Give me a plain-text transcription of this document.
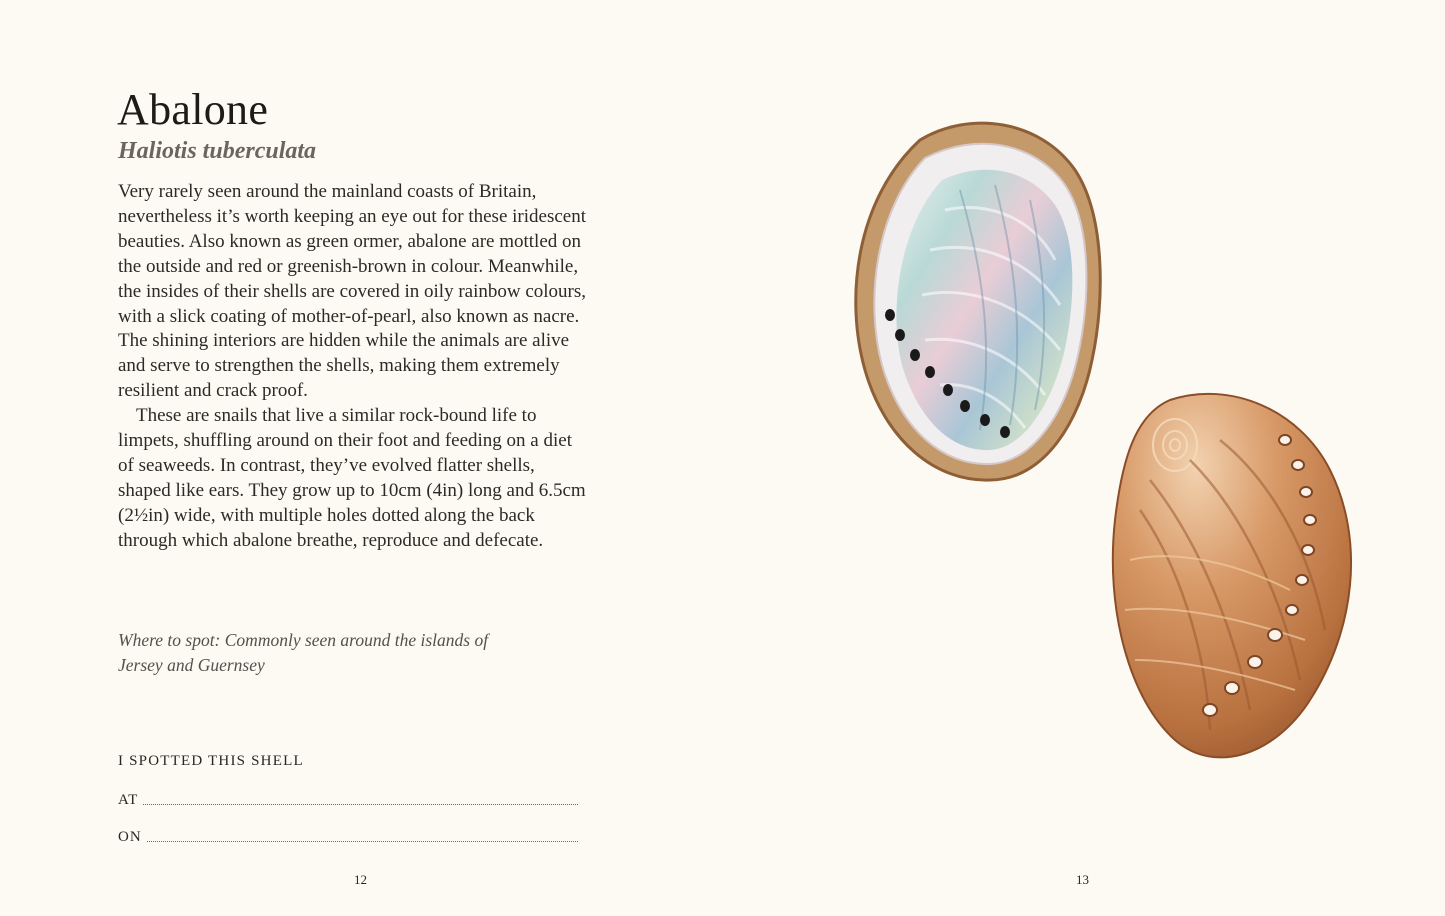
Abalone
Haliotis tuberculata

Very rarely seen around the mainland coasts of Britain, nevertheless it’s worth keeping an eye out for these iridescent beauties. Also known as green ormer, abalone are mottled on the outside and red or greenish-brown in colour. Meanwhile, the insides of their shells are covered in oily rainbow colours, with a slick coating of mother-of-pearl, also known as nacre. The shining interiors are hidden while the animals are alive and serve to strengthen the shells, making them extremely resilient and crack proof.

These are snails that live a similar rock-bound life to limpets, shuffling around on their foot and feeding on a diet of seaweeds. In contrast, they’ve evolved flatter shells, shaped like ears. They grow up to 10cm (4in) long and 6.5cm (2½in) wide, with multiple holes dotted along the back through which abalone breathe, reproduce and defecate.

Where to spot: Commonly seen around the islands of Jersey and Guernsey
I SPOTTED THIS SHELL
AT
ON
12	13
